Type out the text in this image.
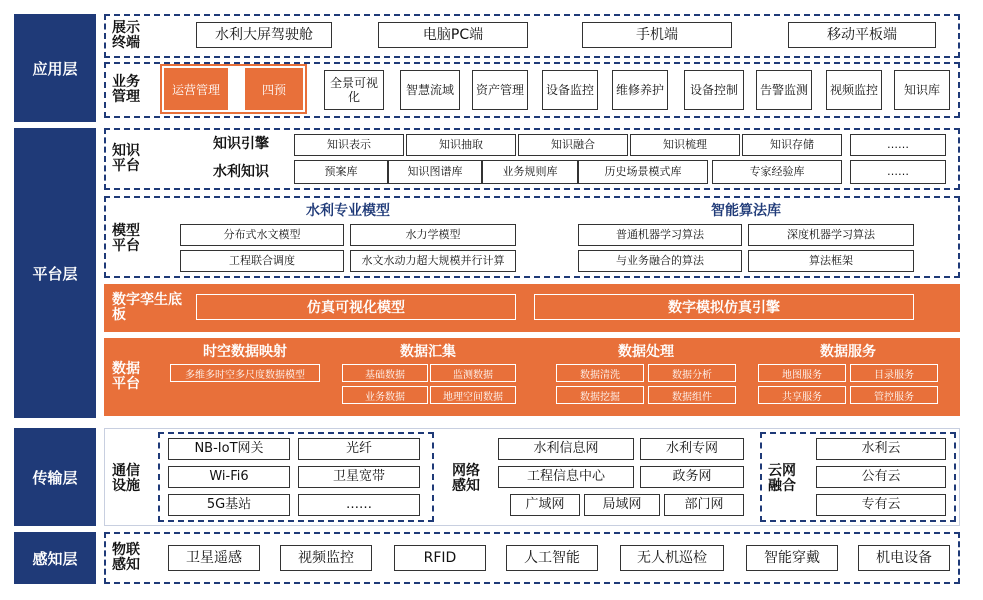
应用层
平台层
传输层
感知层
展示终端
水利大屏驾驶舱	电脑PC端	手机端	移动平板端
业务管理	运营管理	四预	全景可视化
智慧流域	资产管理	设备监控	维修养护	设备控制	告警监测	视频监控	知识库
知识平台
知识引擎
水利知识
知识表示	知识抽取	知识融合	知识梳理	知识存储	……
预案库	知识图谱库	业务规则库	历史场景模式库	专家经验库	……
模型平台
水利专业模型	智能算法库
分布式水文模型	水力学模型
工程联合调度	水文水动力超大规模并行计算
普通机器学习算法	深度机器学习算法
与业务融合的算法	算法框架
数字孪生底板	仿真可视化模型	数字模拟仿真引擎
数据平台
时空数据映射
多维多时空多尺度数据模型
数据汇集
基础数据	监测数据
业务数据	地理空间数据
数据处理
数据清洗	数据分析
数据挖掘	数据组件
数据服务
地图服务	目录服务
共享服务	管控服务
通信设施
NB-IoT网关	光纤
Wi-Fi6	卫星宽带
5G基站	……
网络感知
水利信息网	水利专网
工程信息中心	政务网
广域网	局域网	部门网
云网融合
水利云
公有云
专有云
物联感知	卫星遥感	视频监控	RFID	人工智能	无人机巡检	智能穿戴	机电设备
